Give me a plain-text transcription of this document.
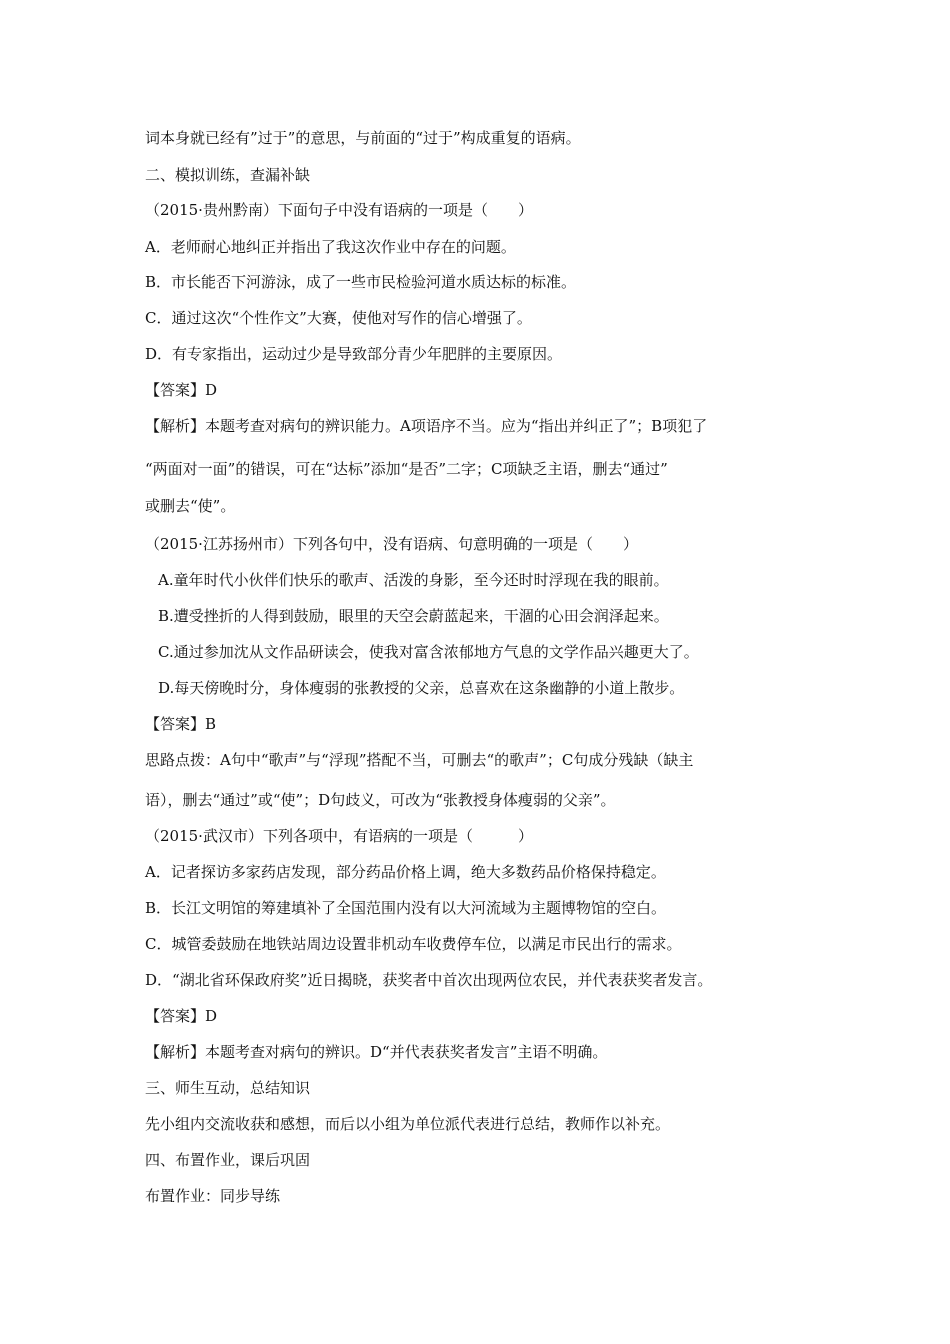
词本身就已经有”过于”的意思，与前面的“过于”构成重复的语病。
二、模拟训练，查漏补缺
（2015·贵州黔南）下面句子中没有语病的一项是（　　）
A．老师耐心地纠正并指出了我这次作业中存在的问题。
B．市长能否下河游泳，成了一些市民检验河道水质达标的标准。
C．通过这次“个性作文”大赛，使他对写作的信心增强了。
D．有专家指出，运动过少是导致部分青少年肥胖的主要原因。
【答案】D
【解析】本题考查对病句的辨识能力。A项语序不当。应为“指出并纠正了”；B项犯了
“两面对一面”的错误，可在“达标”添加“是否”二字；C项缺乏主语，删去“通过”
或删去“使”。
（2015·江苏扬州市）下列各句中，没有语病、句意明确的一项是（　　）
A.童年时代小伙伴们快乐的歌声、活泼的身影，至今还时时浮现在我的眼前。
B.遭受挫折的人得到鼓励，眼里的天空会蔚蓝起来，干涸的心田会润泽起来。
C.通过参加沈从文作品研读会，使我对富含浓郁地方气息的文学作品兴趣更大了。
D.每天傍晚时分，身体瘦弱的张教授的父亲，总喜欢在这条幽静的小道上散步。
【答案】B
思路点拨：A句中“歌声”与“浮现”搭配不当，可删去“的歌声”；C句成分残缺（缺主
语），删去“通过”或“使”；D句歧义，可改为“张教授身体瘦弱的父亲”。
（2015·武汉市）下列各项中，有语病的一项是（　　　）
A．记者探访多家药店发现，部分药品价格上调，绝大多数药品价格保持稳定。
B．长江文明馆的筹建填补了全国范围内没有以大河流域为主题博物馆的空白。
C．城管委鼓励在地铁站周边设置非机动车收费停车位，以满足市民出行的需求。
D．“湖北省环保政府奖”近日揭晓，获奖者中首次出现两位农民，并代表获奖者发言。
【答案】D
【解析】本题考查对病句的辨识。D“并代表获奖者发言”主语不明确。
三、师生互动，总结知识
先小组内交流收获和感想，而后以小组为单位派代表进行总结，教师作以补充。
四、布置作业，课后巩固
布置作业：同步导练
